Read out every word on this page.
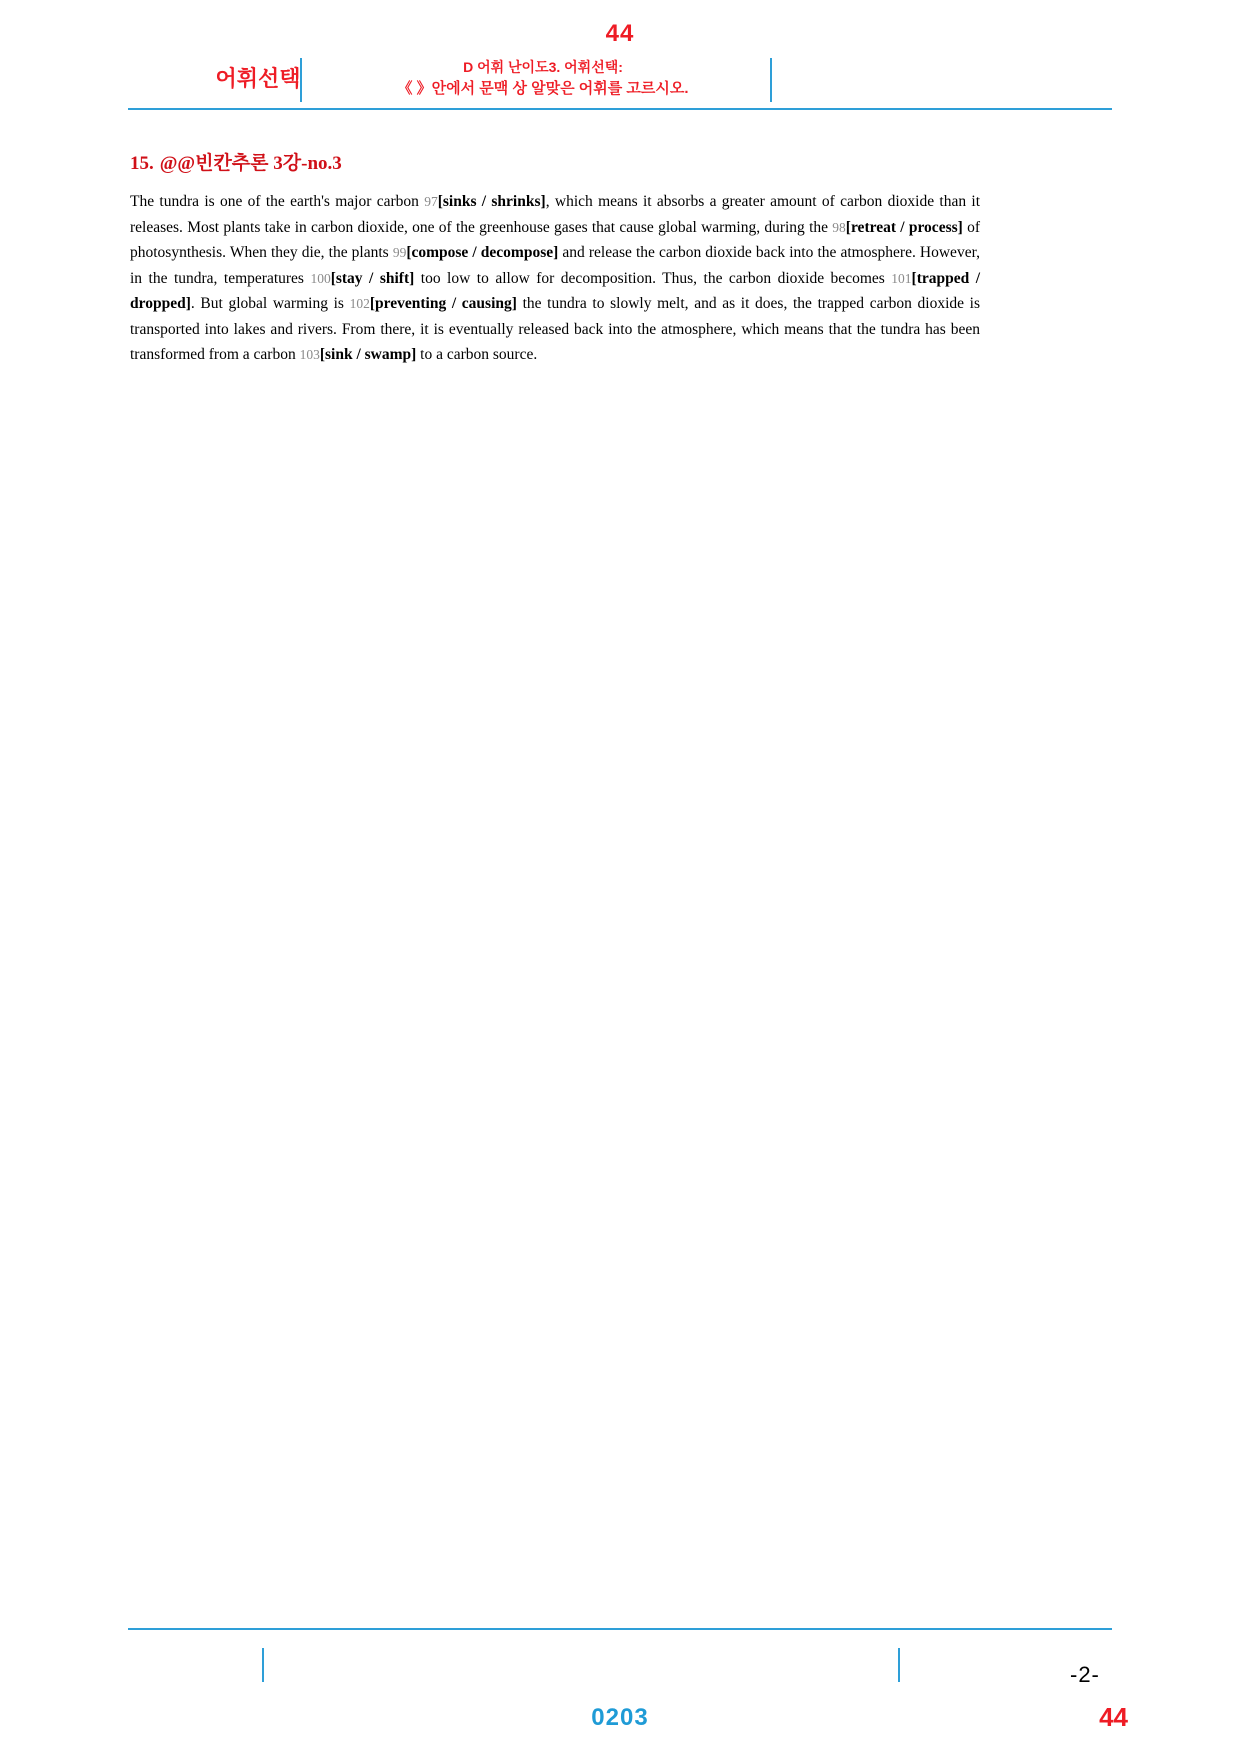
44
어휘선택	D 어휘 난이도3. 어휘선택:
《 》안에서 문맥 상 알맞은 어휘를 고르시오.
15. @@빈칸추론 3강-no.3
The tundra is one of the earth's major carbon 97[sinks / shrinks], which means it absorbs a greater amount of carbon dioxide than it releases. Most plants take in carbon dioxide, one of the greenhouse gases that cause global warming, during the 98[retreat / process] of photosynthesis. When they die, the plants 99[compose / decompose] and release the carbon dioxide back into the atmosphere. However, in the tundra, temperatures 100[stay / shift] too low to allow for decomposition. Thus, the carbon dioxide becomes 101[trapped / dropped]. But global warming is 102[preventing / causing] the tundra to slowly melt, and as it does, the trapped carbon dioxide is transported into lakes and rivers. From there, it is eventually released back into the atmosphere, which means that the tundra has been transformed from a carbon 103[sink / swamp] to a carbon source.
-2-
0203	44
